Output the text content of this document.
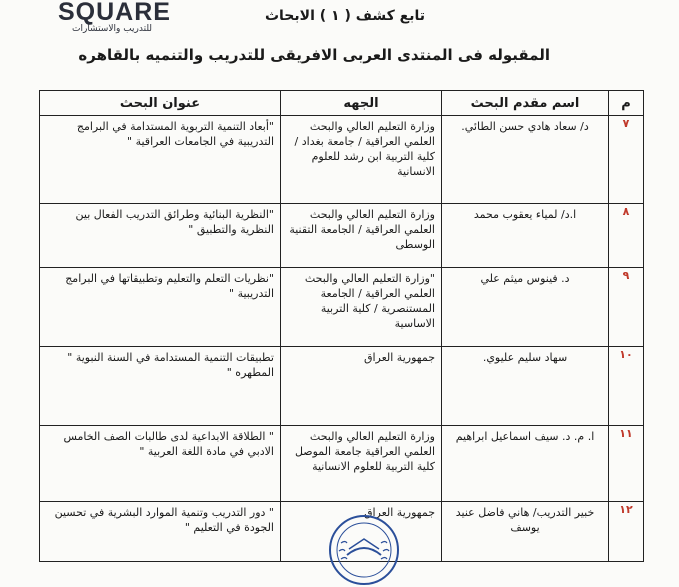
SQUARE
للتدريب والاستشارات
تابع كشف ( ١ ) الابحاث
المقبوله فى المنتدى العربى الافريقى للتدريب والتنميه بالقاهره
م	اسم مقدم البحث	الجهه	عنوان البحث
٧	د/ سعاد هادي حسن الطائي.	وزارة التعليم العالي والبحث العلمي العراقية / جامعة بغداد / كلية التربية ابن رشد للعلوم الانسانية	"أبعاد التنمية التربوية المستدامة في البرامج التدريبية في الجامعات العراقية "

٨	ا.د/ لمياء يعقوب محمد	وزارة التعليم العالي والبحث العلمي العراقية / الجامعة التقنية الوسطى	"النظرية البنائية وطرائق التدريب الفعال بين النظرية والتطبيق "

٩	د. فينوس ميثم علي	"وزارة التعليم العالي والبحث العلمي العراقية / الجامعة المستنصرية / كلية التربية الاساسية	"نظريات التعلم والتعليم وتطبيقاتها في البرامج التدريبية "

١٠	سهاد سليم عليوي.	جمهورية العراق	تطبيقات التنمية المستدامة في السنة النبوية " المطهره "

١١	ا. م. د. سيف اسماعيل ابراهيم	وزارة التعليم العالي والبحث العلمي العراقية جامعة الموصل كلية التربية للعلوم الانسانية	" الطلاقة الابداعية لدى طالبات الصف الخامس الادبي في مادة اللغة العربية "

١٢	خبير التدريب/ هاني فاضل عنيد يوسف	جمهورية العراق	" دور التدريب وتنمية الموارد البشرية في تحسين الجودة في التعليم "
